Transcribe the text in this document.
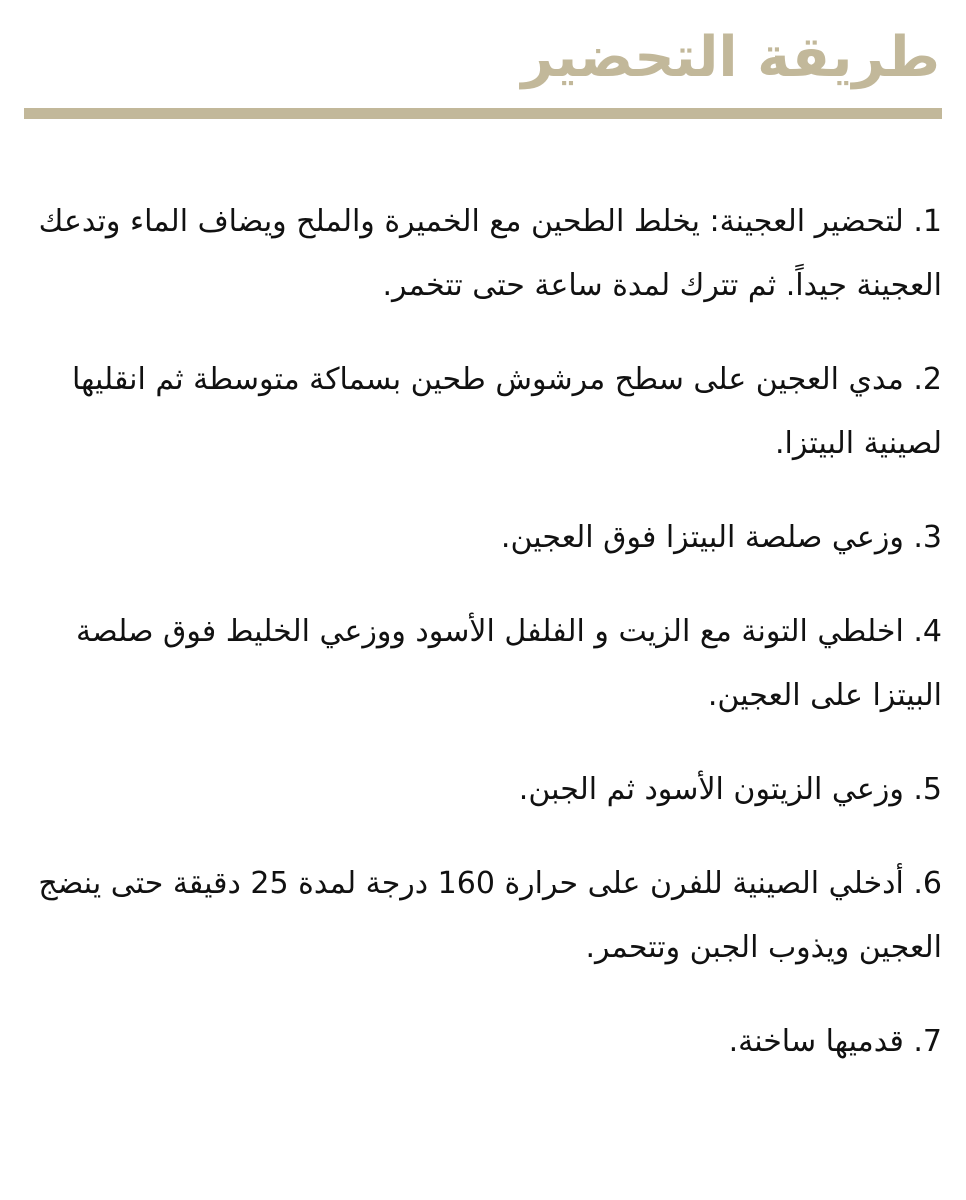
طريقة التحضير
1. لتحضير العجينة: يخلط الطحين مع الخميرة والملح ويضاف الماء وتدعك العجينة جيداً. ثم تترك لمدة ساعة حتى تتخمر.
2. مدي العجين على سطح مرشوش طحين بسماكة متوسطة ثم انقليها لصينية البيتزا.
3. وزعي صلصة البيتزا فوق العجين.
4. اخلطي التونة مع الزيت و الفلفل الأسود ووزعي الخليط فوق صلصة البيتزا على العجين.
5. وزعي الزيتون الأسود ثم الجبن.
6. أدخلي الصينية للفرن على حرارة 160 درجة لمدة 25 دقيقة حتى ينضج العجين ويذوب الجبن وتتحمر.
7. قدميها ساخنة.
